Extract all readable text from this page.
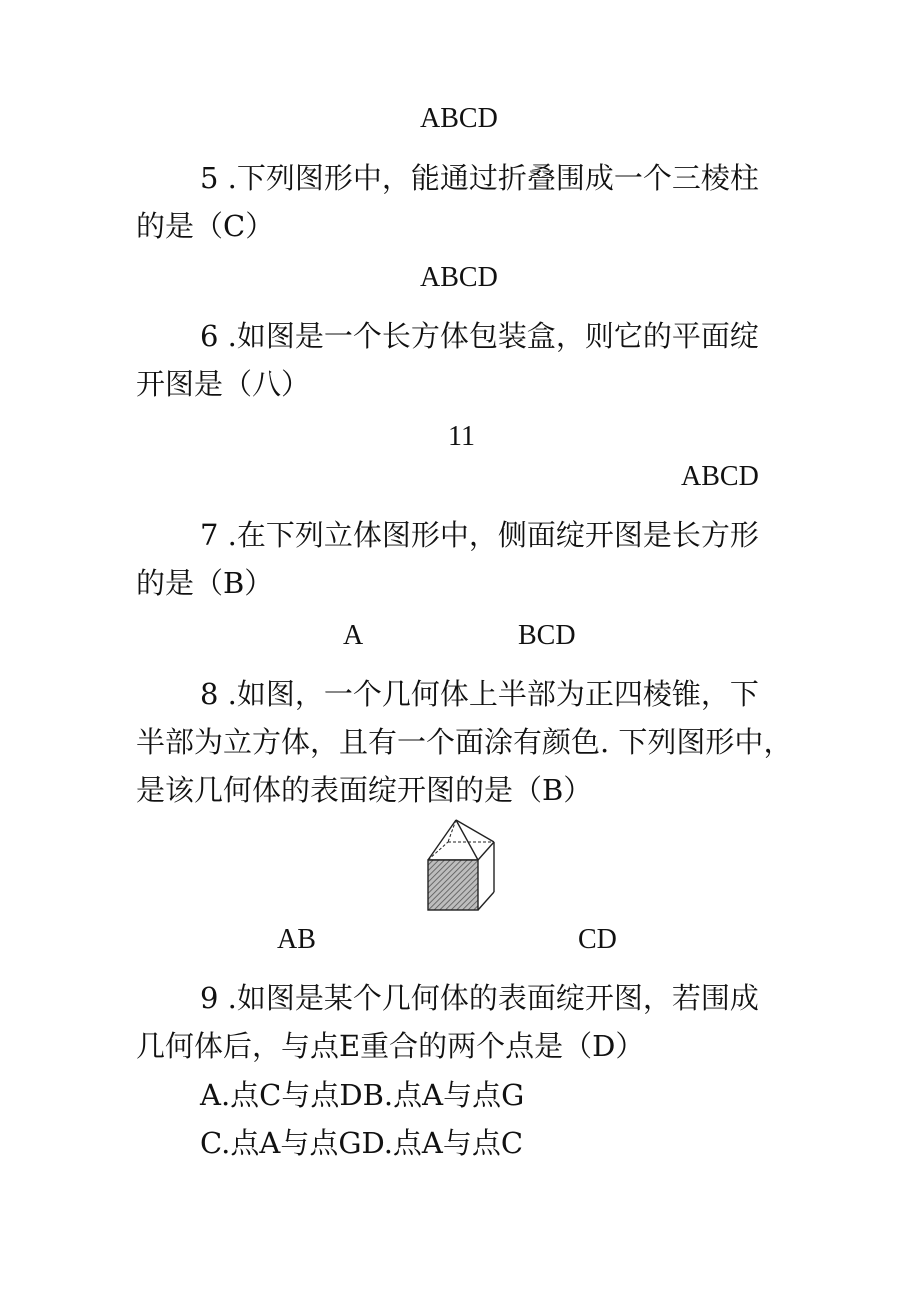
ABCD
5 .下列图形中，能通过折叠围成一个三棱柱
的是（C）
ABCD
6 .如图是一个长方体包装盒，则它的平面绽
开图是（八）
11
ABCD
7 .在下列立体图形中，侧面绽开图是长方形
的是（B）
A	BCD
8 .如图，一个几何体上半部为正四棱锥，下
半部为立方体，且有一个面涂有颜色. 下列图形中，
是该几何体的表面绽开图的是（B）
AB	CD
9 .如图是某个几何体的表面绽开图，若围成
几何体后，与点E重合的两个点是（D）
A.点C与点DB.点A与点G
C.点A与点GD.点A与点C
